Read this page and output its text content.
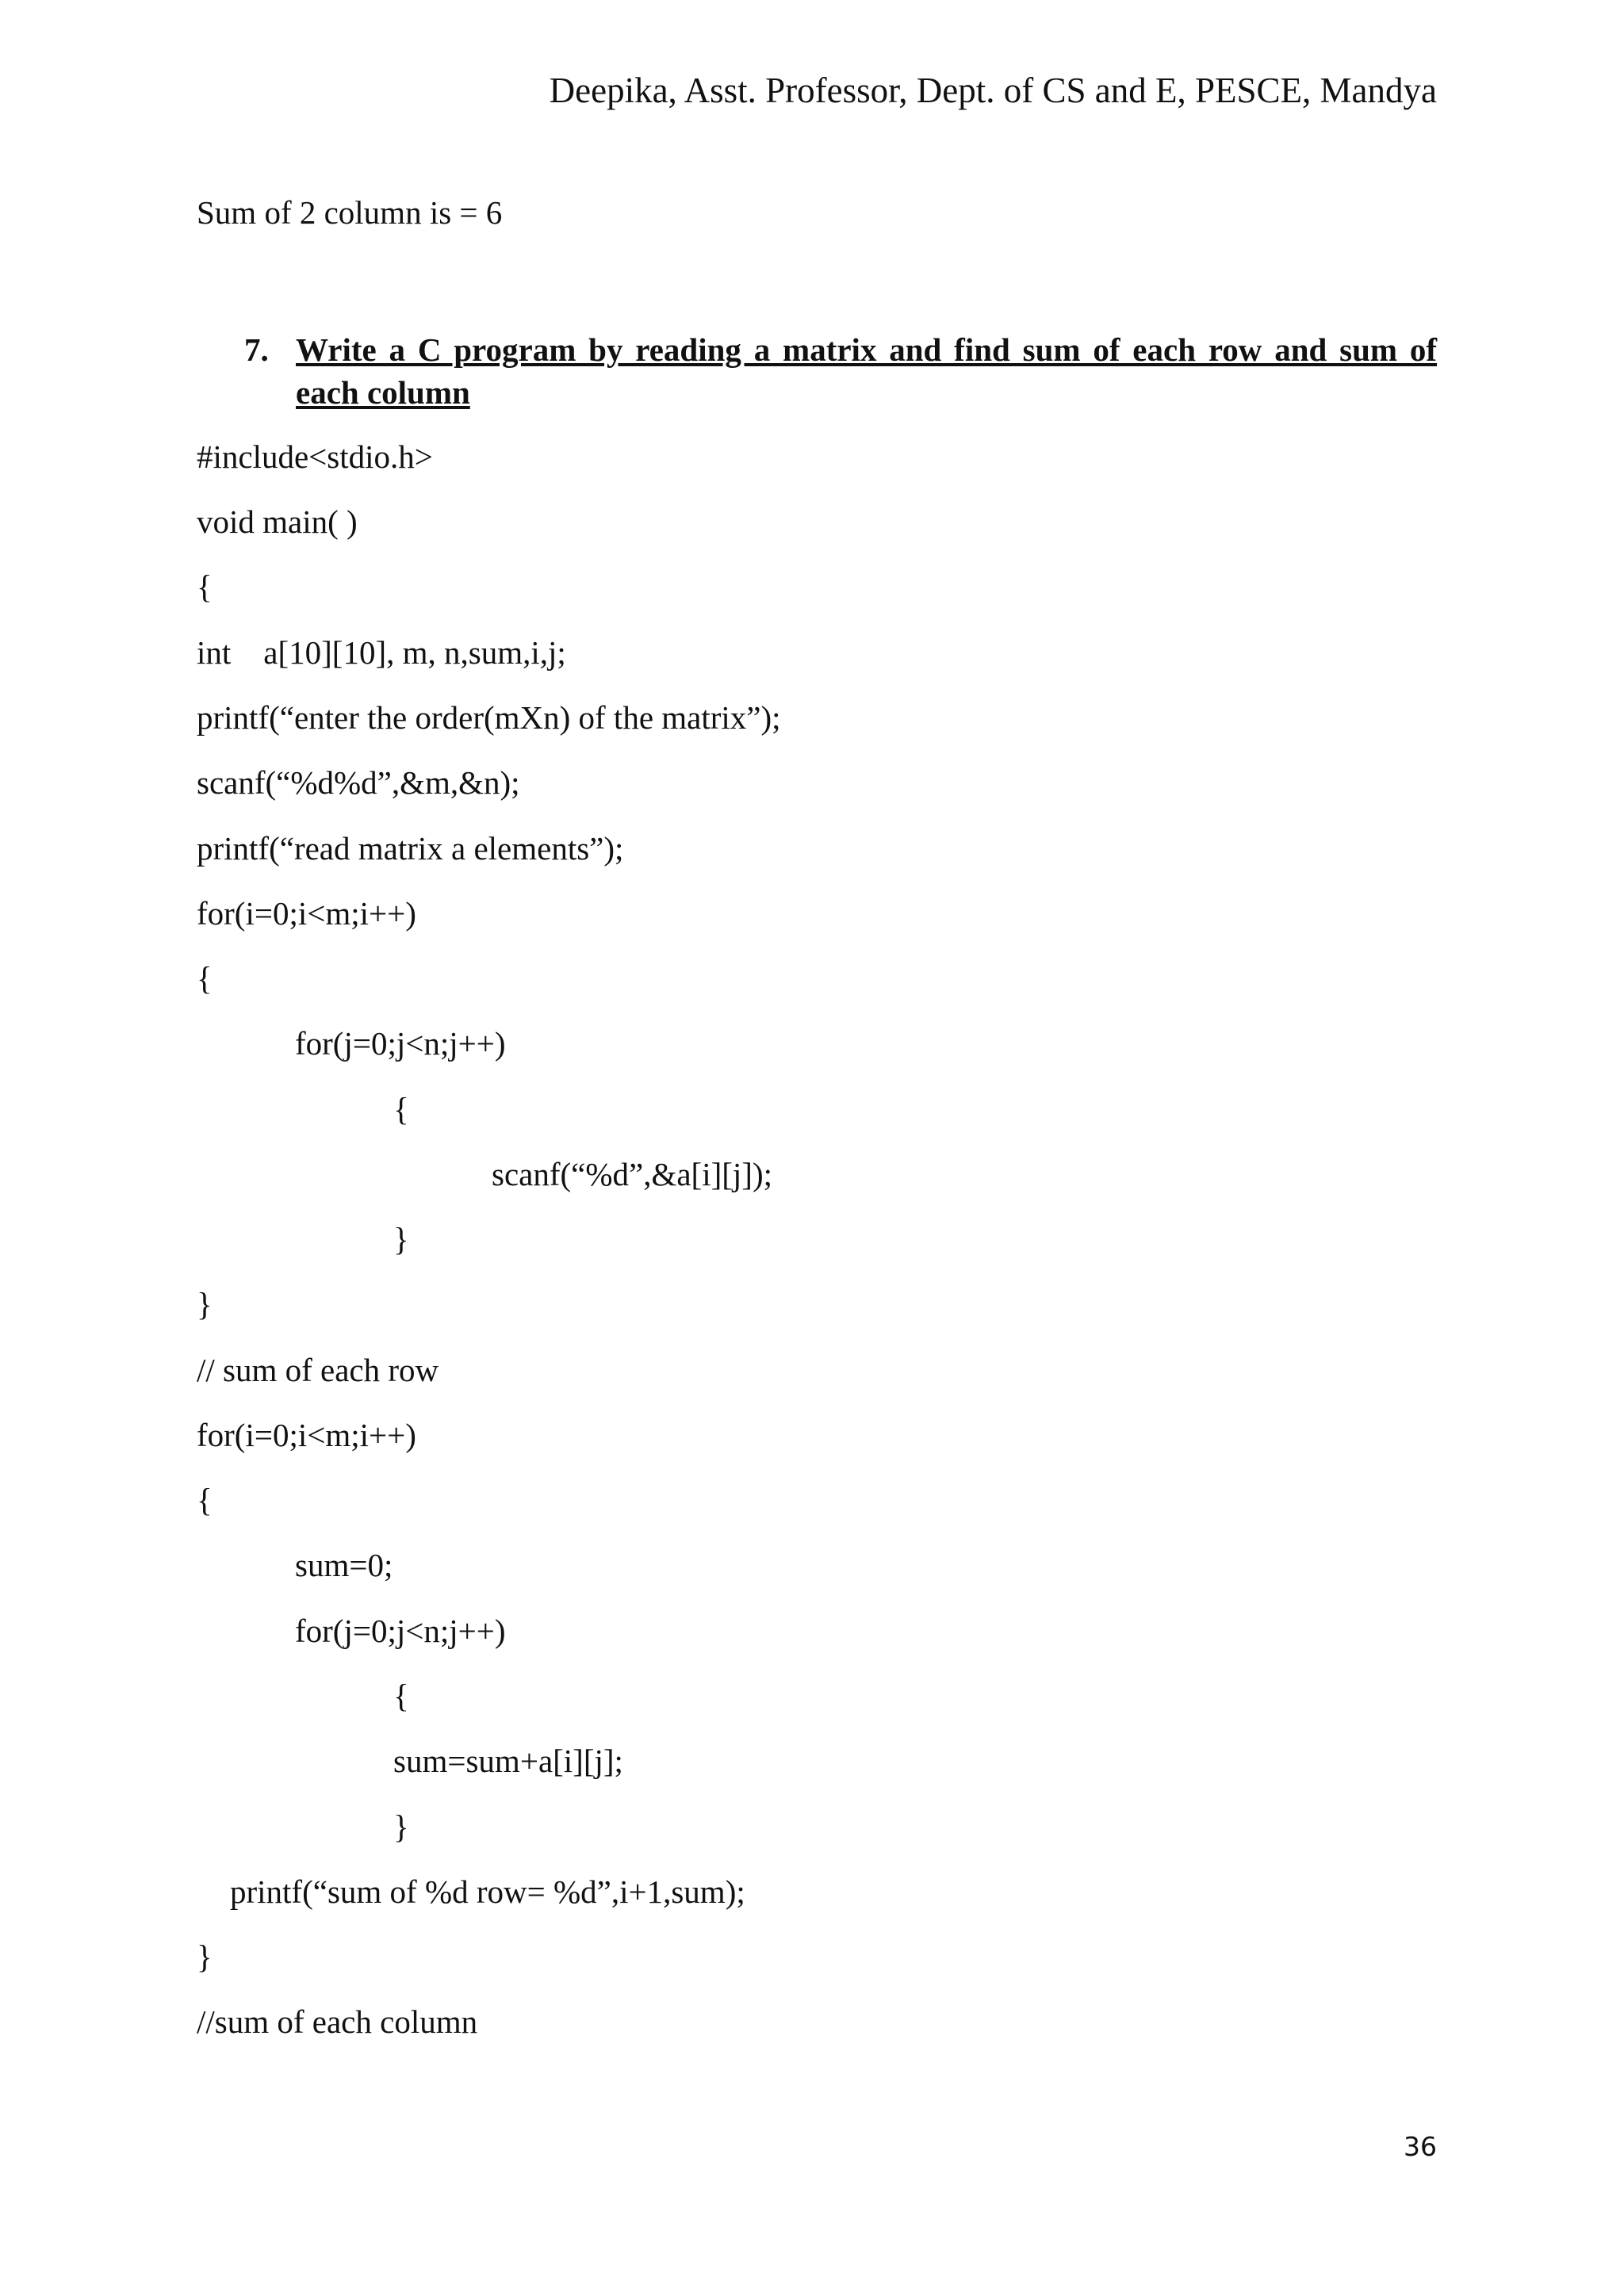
Deepika, Asst. Professor, Dept. of CS and E, PESCE, Mandya
Sum of 2 column is = 6
7. Write a C program by reading a matrix and find sum of each row and sum of each column
#include<stdio.h>
void main( )
{
int    a[10][10], m, n,sum,i,j;
printf(“enter the order(mXn) of the matrix”);
scanf(“%d%d”,&m,&n);
printf(“read matrix a elements”);
for(i=0;i<m;i++)
{
for(j=0;j<n;j++)
{
scanf(“%d”,&a[i][j]);
}
}
// sum of each row
for(i=0;i<m;i++)
{
sum=0;
for(j=0;j<n;j++)
{
sum=sum+a[i][j];
}
printf(“sum of %d row= %d”,i+1,sum);
}
//sum of each column
36
